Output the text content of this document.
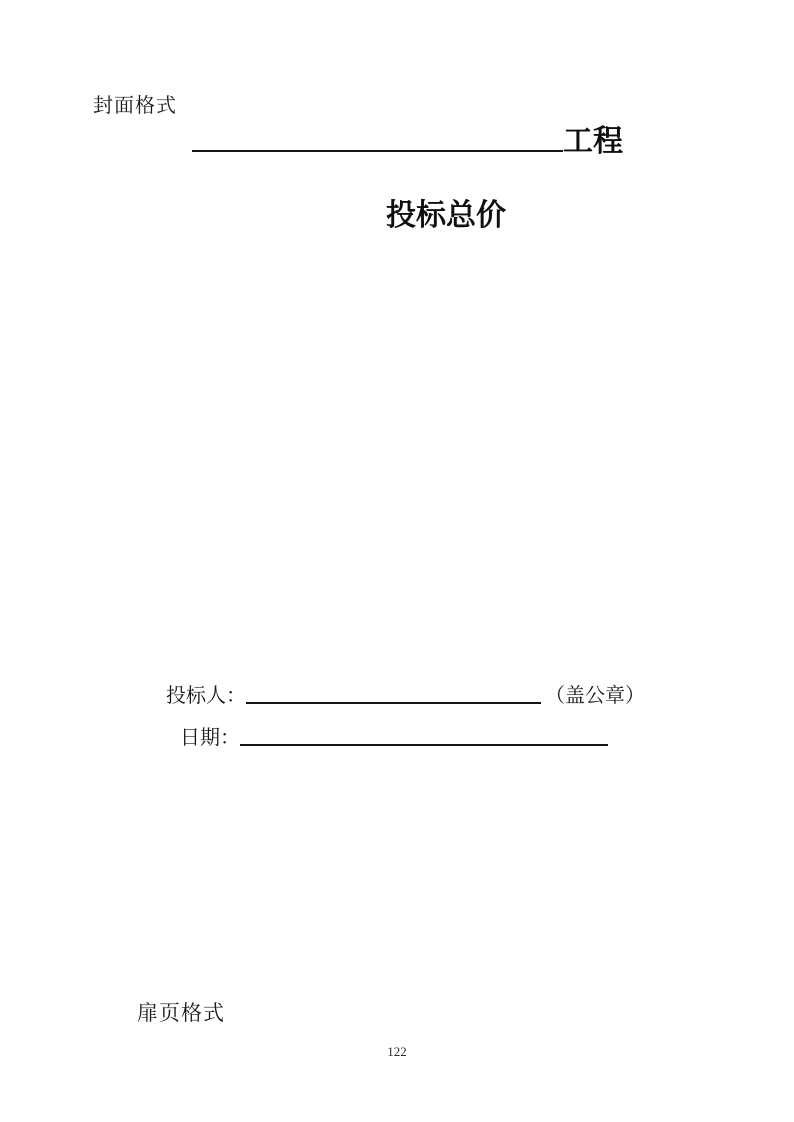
封面格式
工程
投标总价
投标人：	（盖公章）
日期：
扉页格式
122
